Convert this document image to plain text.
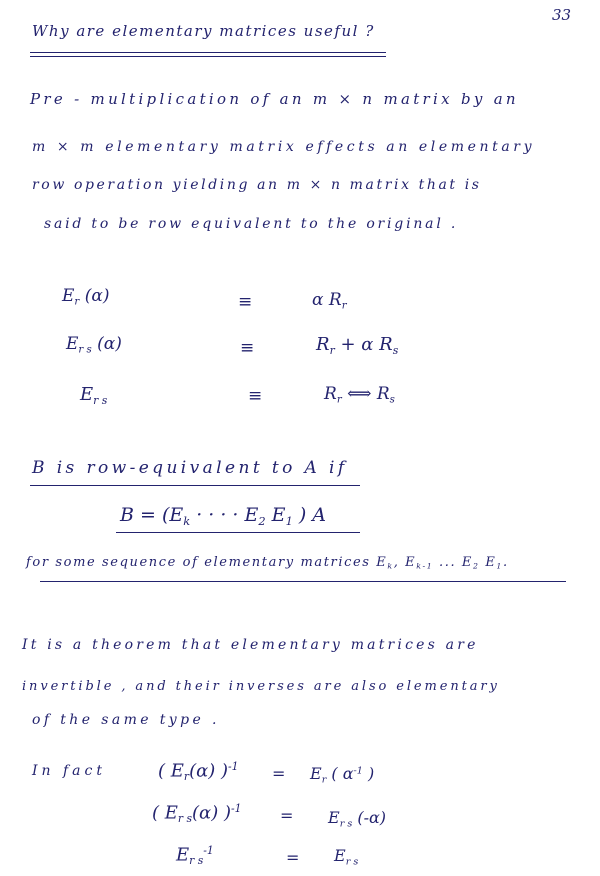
33
Why are elementary matrices useful ?
Pre - multiplication of an m × n matrix by an
m × m elementary matrix effects an elementary
row operation yielding an m × n matrix that is
said to be row equivalent to the original .
$E_r$ (α)	≡	α $R_r$
$E_{r s}$ (α)	≡	$R_r + \alpha$ $R_s$
$E_{r s}$	≡	$R_r$ ⟺ $R_s$
B is row-equivalent to A if
$B = (E_k$ · · · · $E_2$ $E_1$ ) A
for some sequence of elementary matrices $E_k$, $E_{k-1}$ ... $E_2$ $E_1$.
It is a theorem that elementary matrices are
invertible , and their inverses are also elementary
of the same type .
In fact	( $E_r(\alpha) )^{-1} = E_r$ ( $\alpha^{-1}$ )
( $E_{r s}(\alpha) )^{-1} = E_{r s}$ (-α)
$E_{r s}^{-1}$	= $E_{r s}$
